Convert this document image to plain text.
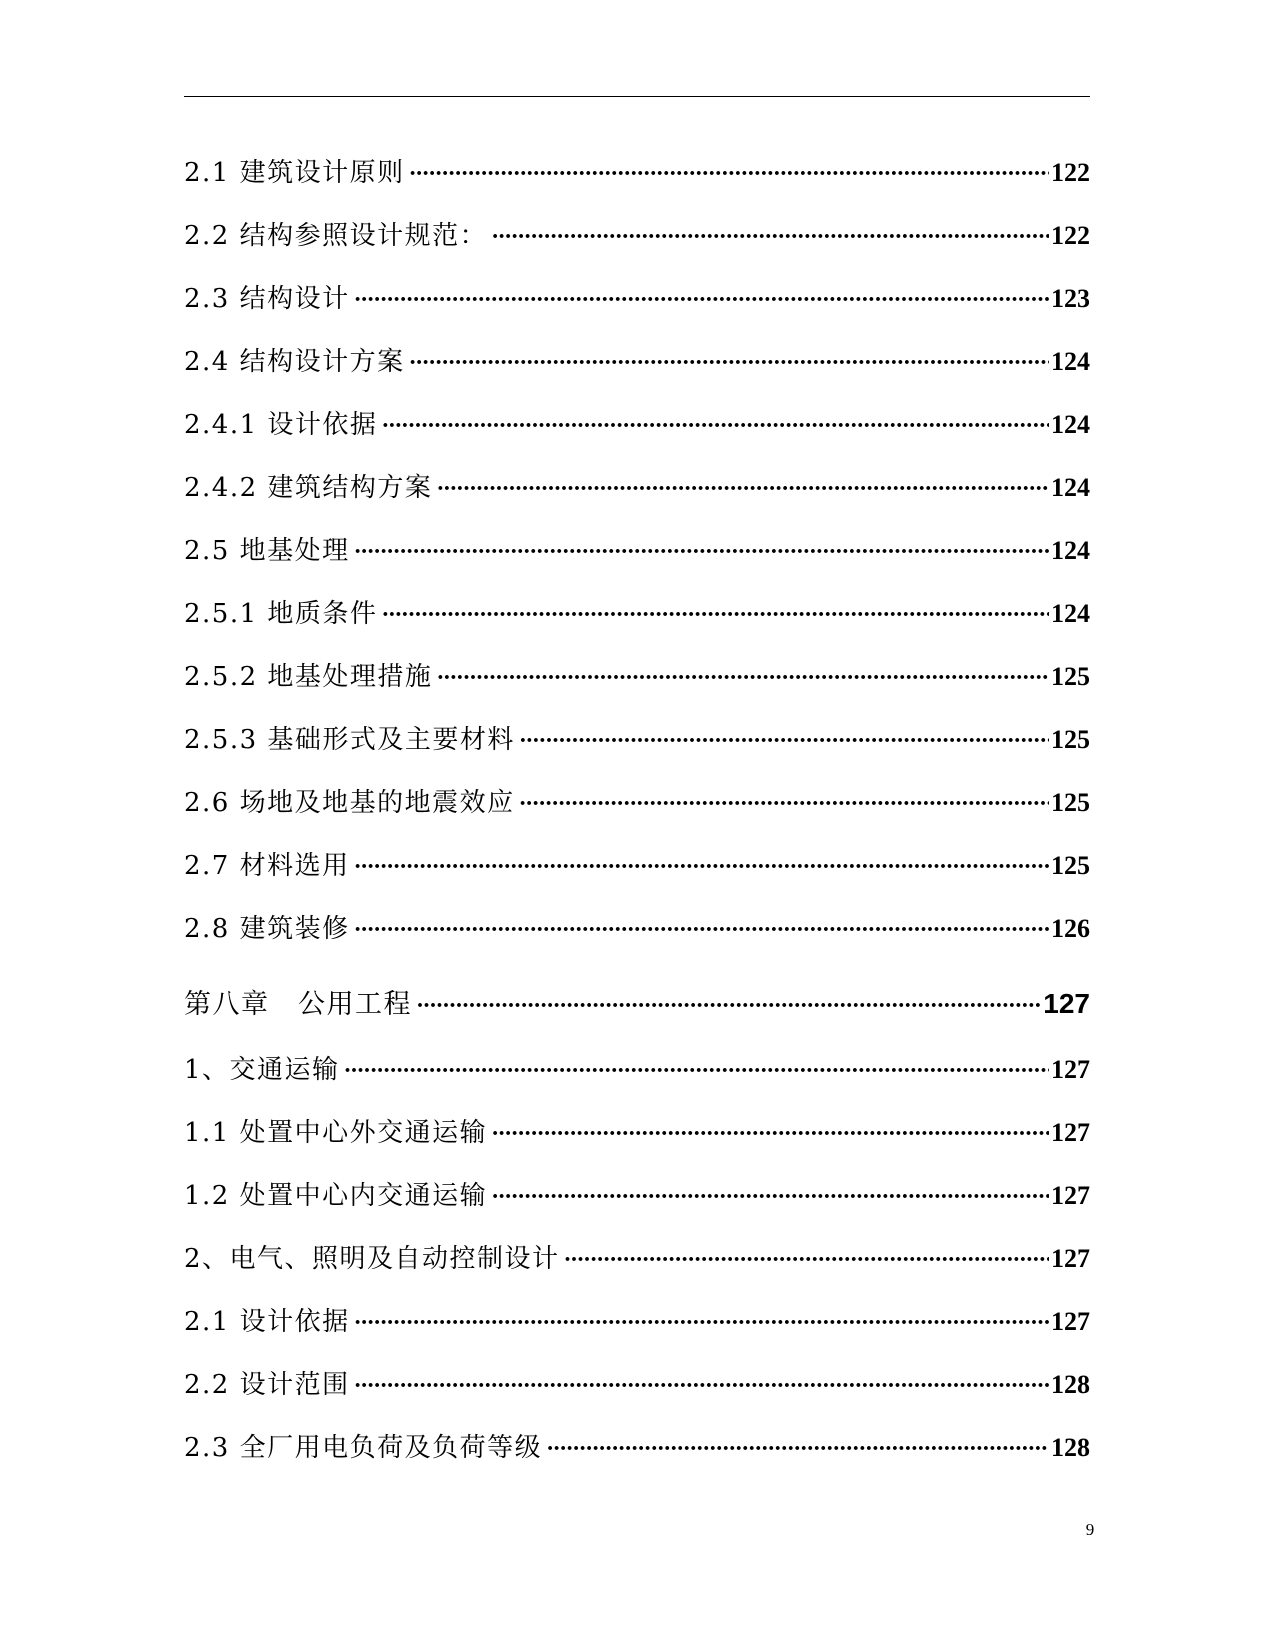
2.1 建筑设计原则 ·····	122
2.2 结构参照设计规范： ·····	122
2.3 结构设计 ·····	123
2.4 结构设计方案 ·····	124
2.4.1 设计依据 ·····	124
2.4.2 建筑结构方案 ·····	124
2.5 地基处理 ·····	124
2.5.1 地质条件 ·····	124
2.5.2 地基处理措施 ·····	125
2.5.3 基础形式及主要材料 ·····	125
2.6 场地及地基的地震效应 ·····	125
2.7 材料选用 ·····	125
2.8 建筑装修 ·····	126
第八章　公用工程 ·····	127
1、交通运输 ·····	127
1.1 处置中心外交通运输 ·····	127
1.2 处置中心内交通运输 ·····	127
2、电气、照明及自动控制设计 ·····	127
2.1 设计依据 ·····	127
2.2 设计范围 ·····	128
2.3 全厂用电负荷及负荷等级 ·····	128
9
